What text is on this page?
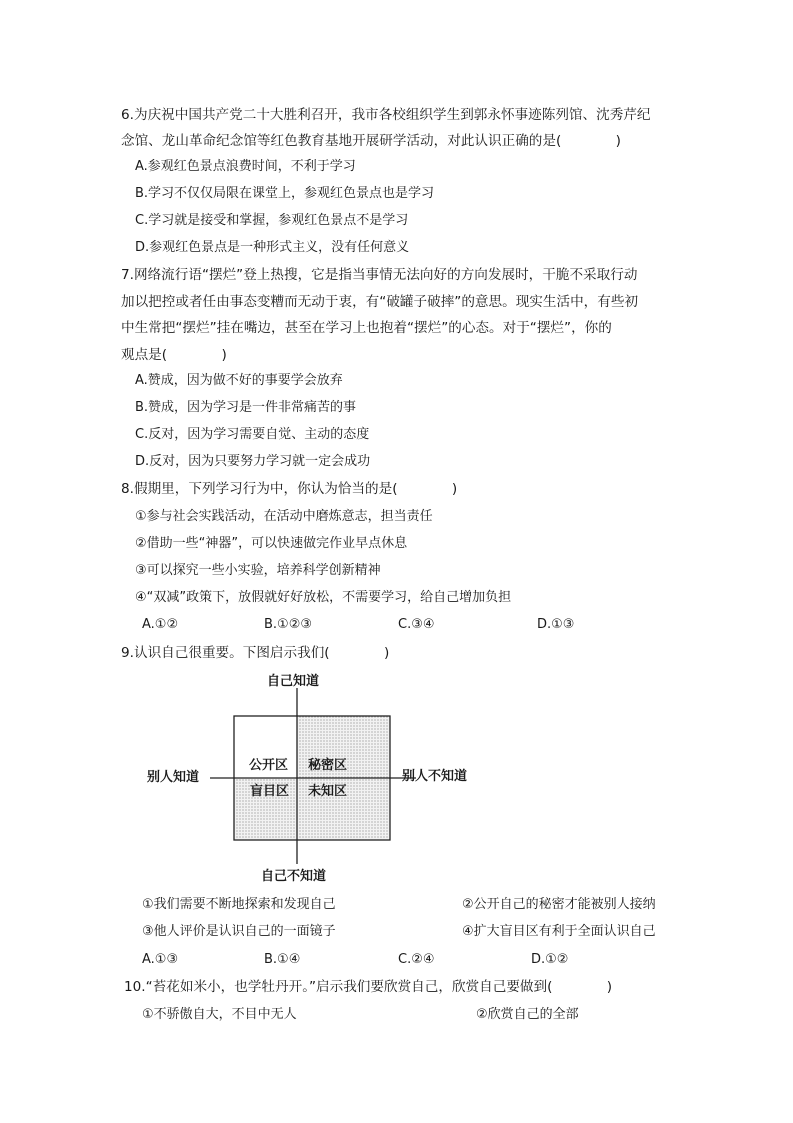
6.为庆祝中国共产党二十大胜利召开，我市各校组织学生到郭永怀事迹陈列馆、沈秀芹纪
念馆、龙山革命纪念馆等红色教育基地开展研学活动，对此认识正确的是(　　　　)
A.参观红色景点浪费时间，不利于学习
B.学习不仅仅局限在课堂上，参观红色景点也是学习
C.学习就是接受和掌握，参观红色景点不是学习
D.参观红色景点是一种形式主义，没有任何意义
7.网络流行语“摆烂”登上热搜，它是指当事情无法向好的方向发展时，干脆不采取行动
加以把控或者任由事态变糟而无动于衷，有“破罐子破摔”的意思。现实生活中，有些初
中生常把“摆烂”挂在嘴边，甚至在学习上也抱着“摆烂”的心态。对于“摆烂”，你的
观点是(　　　　)
A.赞成，因为做不好的事要学会放弃
B.赞成，因为学习是一件非常痛苦的事
C.反对，因为学习需要自觉、主动的态度
D.反对，因为只要努力学习就一定会成功
8.假期里，下列学习行为中，你认为恰当的是(　　　　)
①参与社会实践活动，在活动中磨炼意志，担当责任
②借助一些“神器”，可以快速做完作业早点休息
③可以探究一些小实验，培养科学创新精神
④“双减”政策下，放假就好好放松，不需要学习，给自己增加负担
A.①②	B.①②③	C.③④	D.①③
9.认识自己很重要。下图启示我们(　　　　)
自己知道
自己不知道
别人知道	别人不知道
公开区 秘密区
盲目区 未知区
①我们需要不断地探索和发现自己	②公开自己的秘密才能被别人接纳
③他人评价是认识自己的一面镜子	④扩大盲目区有利于全面认识自己
A.①③	B.①④	C.②④	D.①②
10.“苔花如米小，也学牡丹开。”启示我们要欣赏自己，欣赏自己要做到(　　　　)
①不骄傲自大，不目中无人	②欣赏自己的全部
